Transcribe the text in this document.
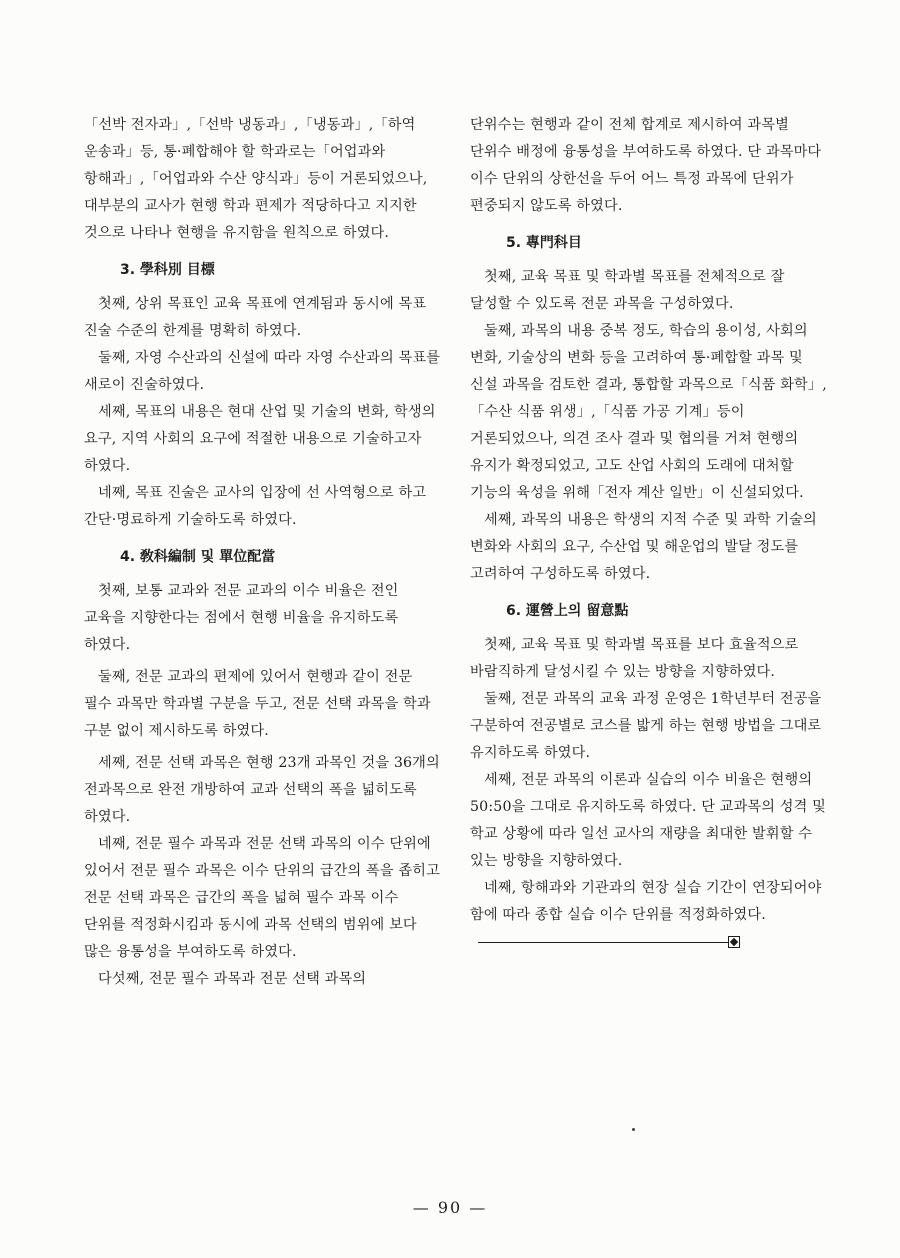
「선박 전자과」,「선박 냉동과」,「냉동과」,「하역 운송과」등, 통·폐합해야 할 학과로는「어업과와 항해과」,「어업과와 수산 양식과」등이 거론되었으나, 대부분의 교사가 현행 학과 편제가 적당하다고 지지한 것으로 나타나 현행을 유지함을 원칙으로 하였다.

3. 學科別 目標

첫째, 상위 목표인 교육 목표에 연계됨과 동시에 목표 진술 수준의 한계를 명확히 하였다.

둘째, 자영 수산과의 신설에 따라 자영 수산과의 목표를 새로이 진술하였다.

세째, 목표의 내용은 현대 산업 및 기술의 변화, 학생의 요구, 지역 사회의 요구에 적절한 내용으로 기술하고자 하였다.

네째, 목표 진술은 교사의 입장에 선 사역형으로 하고 간단·명료하게 기술하도록 하였다.

4. 敎科編制 및 單位配當

첫째, 보통 교과와 전문 교과의 이수 비율은 전인 교육을 지향한다는 점에서 현행 비율을 유지하도록 하였다.

둘째, 전문 교과의 편제에 있어서 현행과 같이 전문 필수 과목만 학과별 구분을 두고, 전문 선택 과목을 학과 구분 없이 제시하도록 하였다.

세째, 전문 선택 과목은 현행 23개 과목인 것을 36개의 전과목으로 완전 개방하여 교과 선택의 폭을 넓히도록 하였다.

네째, 전문 필수 과목과 전문 선택 과목의 이수 단위에 있어서 전문 필수 과목은 이수 단위의 급간의 폭을 좁히고 전문 선택 과목은 급간의 폭을 넓혀 필수 과목 이수 단위를 적정화시킴과 동시에 과목 선택의 범위에 보다 많은 융통성을 부여하도록 하였다.

다섯째, 전문 필수 과목과 전문 선택 과목의

단위수는 현행과 같이 전체 합계로 제시하여 과목별 단위수 배정에 융통성을 부여하도록 하였다. 단 과목마다 이수 단위의 상한선을 두어 어느 특정 과목에 단위가 편중되지 않도록 하였다.

5. 專門科目

첫째, 교육 목표 및 학과별 목표를 전체적으로 잘 달성할 수 있도록 전문 과목을 구성하였다.

둘째, 과목의 내용 중복 정도, 학습의 용이성, 사회의 변화, 기술상의 변화 등을 고려하여 통·폐합할 과목 및 신설 과목을 검토한 결과, 통합할 과목으로「식품 화학」,「수산 식품 위생」,「식품 가공 기계」등이 거론되었으나, 의견 조사 결과 및 협의를 거쳐 현행의 유지가 확정되었고, 고도 산업 사회의 도래에 대처할 기능의 육성을 위해「전자 계산 일반」이 신설되었다.

세째, 과목의 내용은 학생의 지적 수준 및 과학 기술의 변화와 사회의 요구, 수산업 및 해운업의 발달 정도를 고려하여 구성하도록 하였다.

6. 運營上의 留意點

첫째, 교육 목표 및 학과별 목표를 보다 효율적으로 바람직하게 달성시킬 수 있는 방향을 지향하였다.

둘째, 전문 과목의 교육 과정 운영은 1학년부터 전공을 구분하여 전공별로 코스를 밟게 하는 현행 방법을 그대로 유지하도록 하였다.

세째, 전문 과목의 이론과 실습의 이수 비율은 현행의 50:50을 그대로 유지하도록 하였다. 단 교과목의 성격 및 학교 상황에 따라 일선 교사의 재량을 최대한 발휘할 수 있는 방향을 지향하였다.

네째, 항해과와 기관과의 현장 실습 기간이 연장되어야 함에 따라 종합 실습 이수 단위를 적정화하였다.

— 90 —
